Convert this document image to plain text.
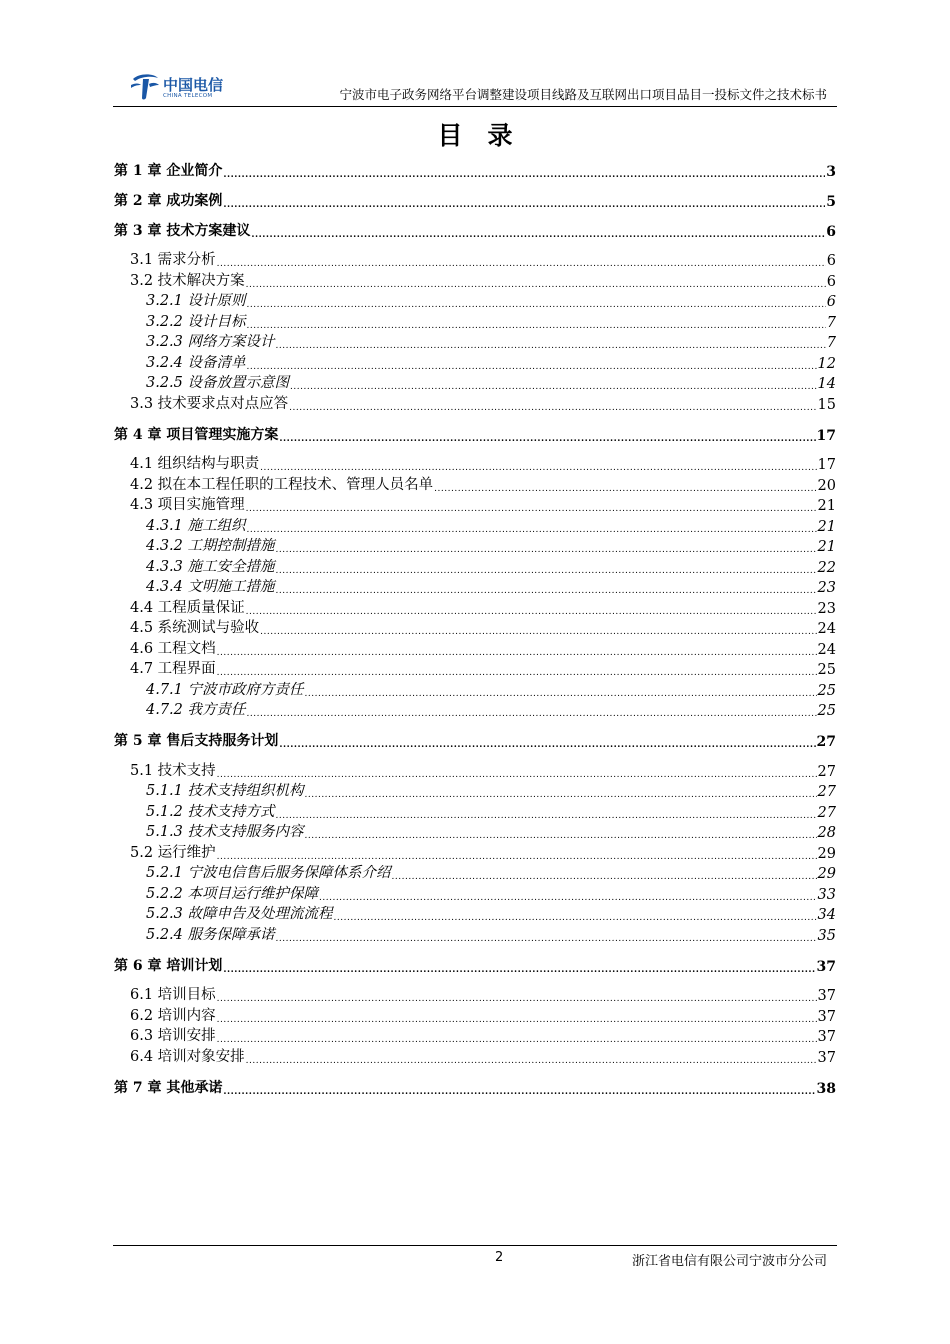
中国电信
CHINA TELECOM	宁波市电子政务网络平台调整建设项目线路及互联网出口项目品目一投标文件之技术标书
目　录
第 1 章 企业简介 .....	3
第 2 章 成功案例 .....	5
第 3 章 技术方案建议 .....	6
3.1 需求分析 .....	6
3.2 技术解决方案 .....	6
3.2.1 设计原则 .....	6
3.2.2 设计目标 .....	7
3.2.3 网络方案设计 .....	7
3.2.4 设备清单 .....	12
3.2.5 设备放置示意图 .....	14
3.3 技术要求点对点应答 .....	15
第 4 章 项目管理实施方案 .....	17
4.1 组织结构与职责 .....	17
4.2 拟在本工程任职的工程技术、管理人员名单 .....	20
4.3 项目实施管理 .....	21
4.3.1 施工组织 .....	21
4.3.2 工期控制措施 .....	21
4.3.3 施工安全措施 .....	22
4.3.4 文明施工措施 .....	23
4.4 工程质量保证 .....	23
4.5 系统测试与验收 .....	24
4.6 工程文档 .....	24
4.7 工程界面 .....	25
4.7.1 宁波市政府方责任 .....	25
4.7.2 我方责任 .....	25
第 5 章 售后支持服务计划 .....	27
5.1 技术支持 .....	27
5.1.1 技术支持组织机构 .....	27
5.1.2 技术支持方式 .....	27
5.1.3 技术支持服务内容 .....	28
5.2 运行维护 .....	29
5.2.1 宁波电信售后服务保障体系介绍 .....	29
5.2.2 本项目运行维护保障 .....	33
5.2.3 故障申告及处理流流程 .....	34
5.2.4 服务保障承诺 .....	35
第 6 章 培训计划 .....	37
6.1 培训目标 .....	37
6.2 培训内容 .....	37
6.3 培训安排 .....	37
6.4 培训对象安排 .....	37
第 7 章 其他承诺 .....	38
2	浙江省电信有限公司宁波市分公司
